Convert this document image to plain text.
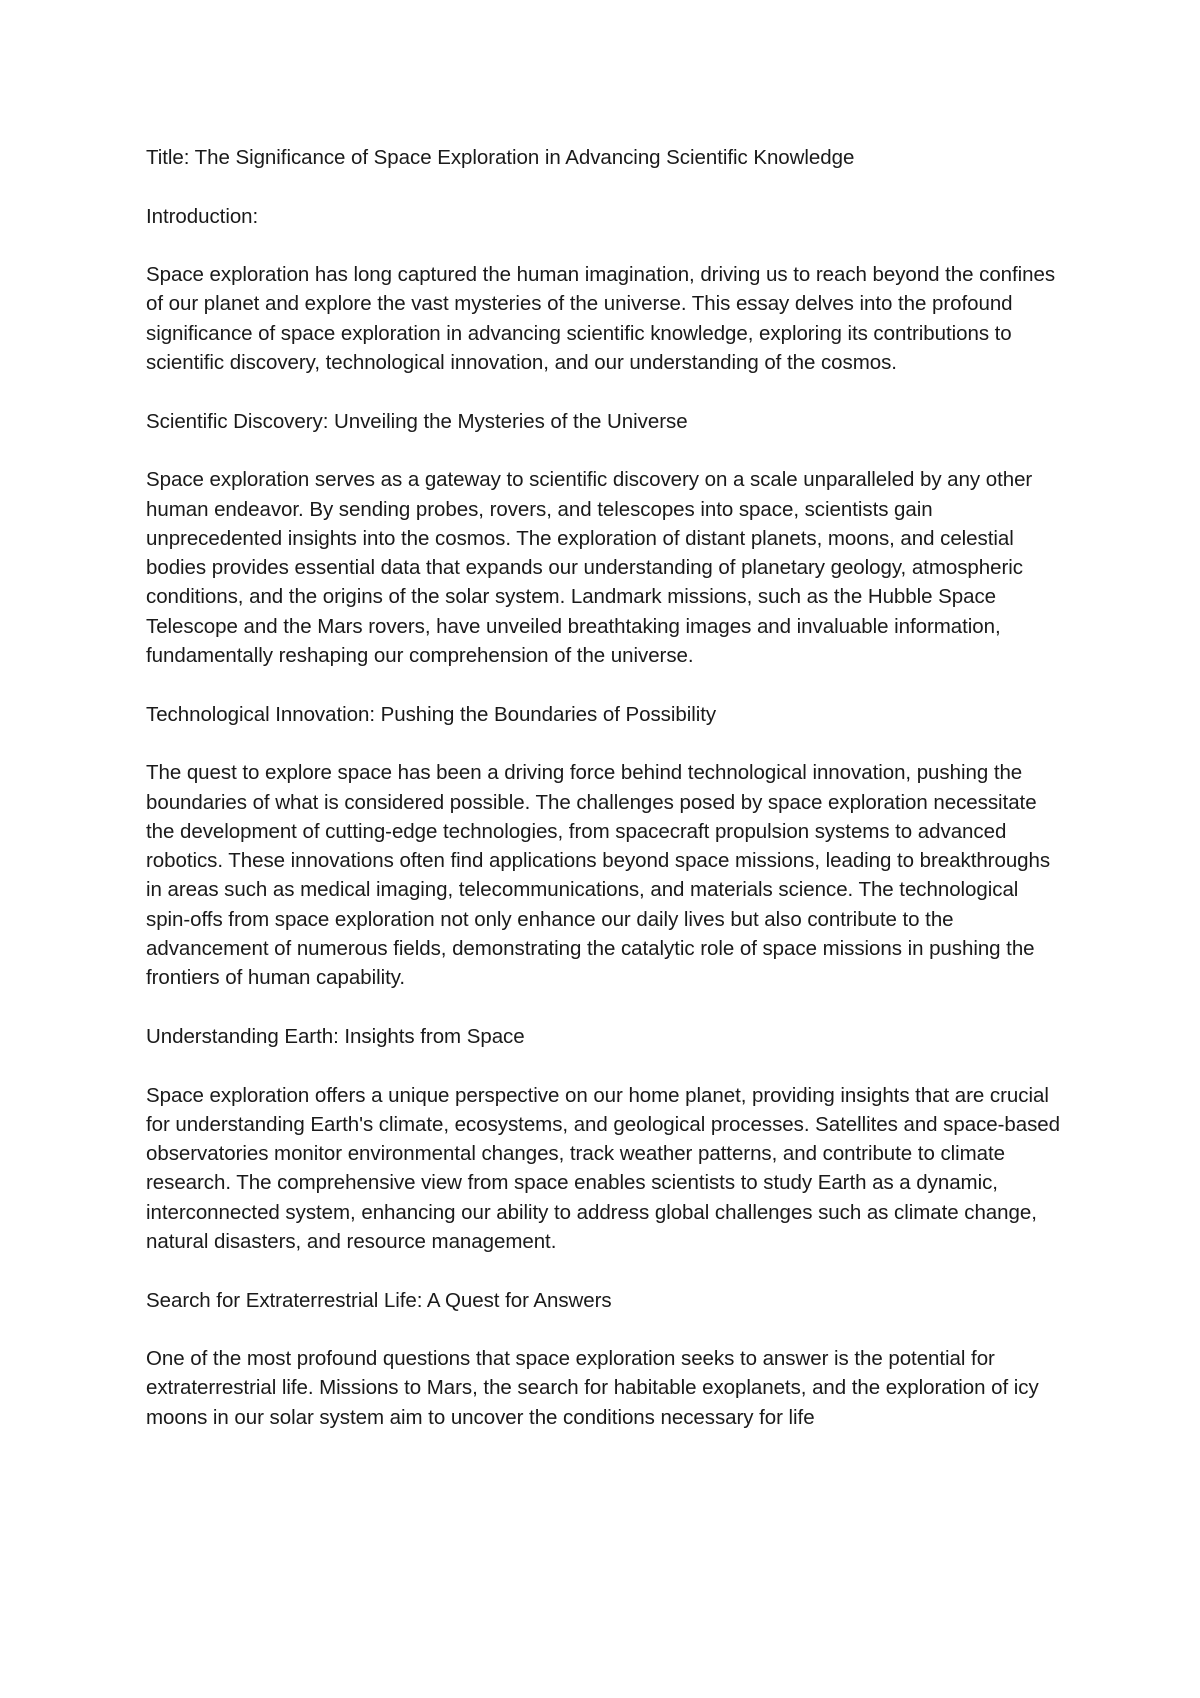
Title: The Significance of Space Exploration in Advancing Scientific Knowledge

Introduction:

Space exploration has long captured the human imagination, driving us to reach beyond the confines of our planet and explore the vast mysteries of the universe. This essay delves into the profound significance of space exploration in advancing scientific knowledge, exploring its contributions to scientific discovery, technological innovation, and our understanding of the cosmos.

Scientific Discovery: Unveiling the Mysteries of the Universe

Space exploration serves as a gateway to scientific discovery on a scale unparalleled by any other human endeavor. By sending probes, rovers, and telescopes into space, scientists gain unprecedented insights into the cosmos. The exploration of distant planets, moons, and celestial bodies provides essential data that expands our understanding of planetary geology, atmospheric conditions, and the origins of the solar system. Landmark missions, such as the Hubble Space Telescope and the Mars rovers, have unveiled breathtaking images and invaluable information, fundamentally reshaping our comprehension of the universe.

Technological Innovation: Pushing the Boundaries of Possibility

The quest to explore space has been a driving force behind technological innovation, pushing the boundaries of what is considered possible. The challenges posed by space exploration necessitate the development of cutting-edge technologies, from spacecraft propulsion systems to advanced robotics. These innovations often find applications beyond space missions, leading to breakthroughs in areas such as medical imaging, telecommunications, and materials science. The technological spin-offs from space exploration not only enhance our daily lives but also contribute to the advancement of numerous fields, demonstrating the catalytic role of space missions in pushing the frontiers of human capability.

Understanding Earth: Insights from Space

Space exploration offers a unique perspective on our home planet, providing insights that are crucial for understanding Earth's climate, ecosystems, and geological processes. Satellites and space-based observatories monitor environmental changes, track weather patterns, and contribute to climate research. The comprehensive view from space enables scientists to study Earth as a dynamic, interconnected system, enhancing our ability to address global challenges such as climate change, natural disasters, and resource management.

Search for Extraterrestrial Life: A Quest for Answers

One of the most profound questions that space exploration seeks to answer is the potential for extraterrestrial life. Missions to Mars, the search for habitable exoplanets, and the exploration of icy moons in our solar system aim to uncover the conditions necessary for life
